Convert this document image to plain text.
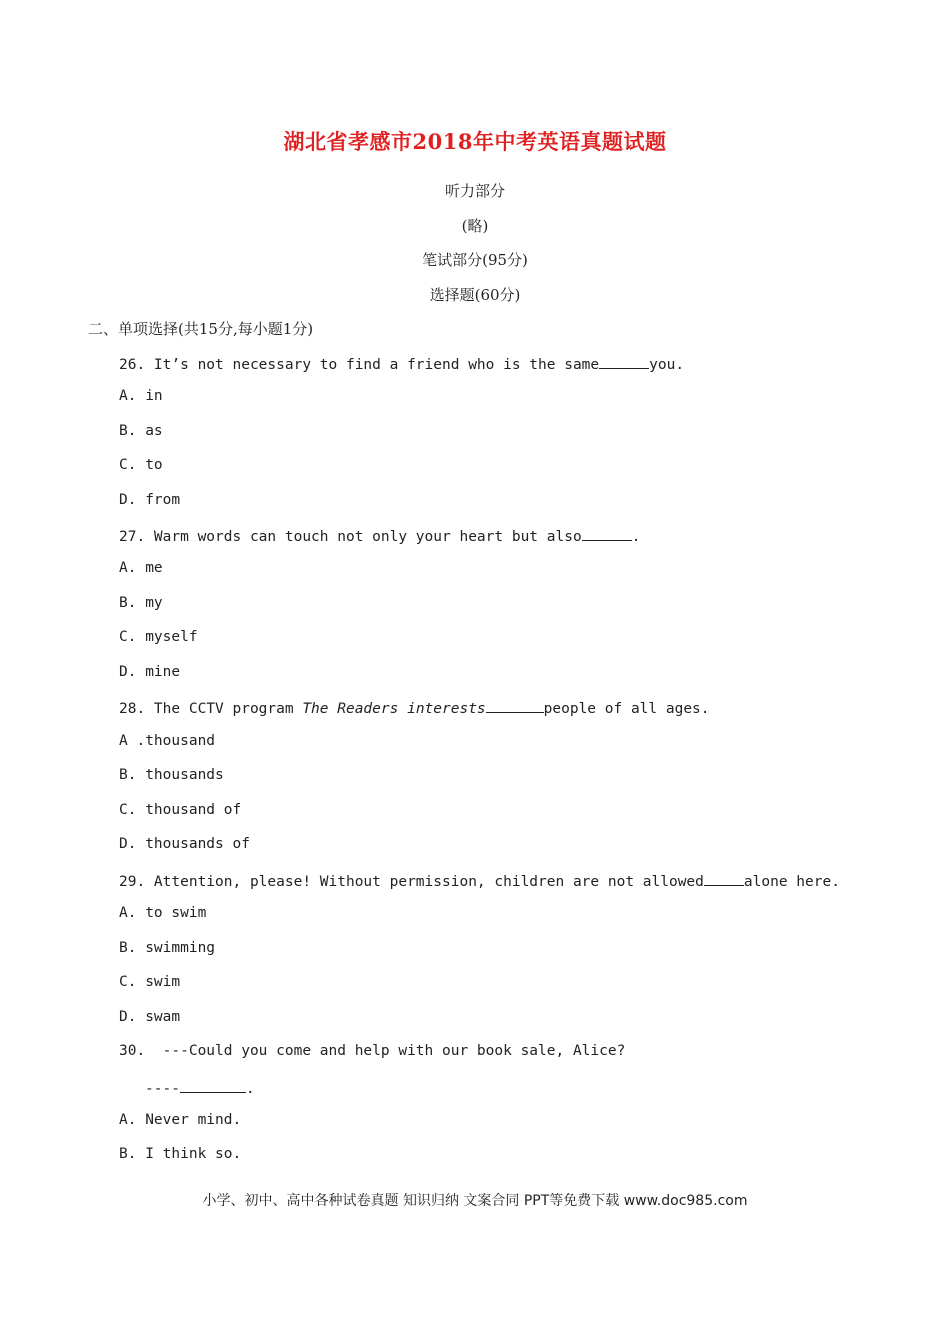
湖北省孝感市2018年中考英语真题试题
听力部分
(略)
笔试部分(95分)
选择题(60分)
二、单项选择(共15分,每小题1分)
26. It’s not necessary to find a friend who is the same	you.
A. in
B. as
C. to
D. from
27. Warm words can touch not only your heart but also	.
A. me
B. my
C. myself
D. mine
28. The CCTV program The Readers interests	people of all ages.
A .thousand
B. thousands
C. thousand of
D. thousands of
29. Attention, please! Without permission, children are not allowed	alone here.
A. to swim
B. swimming
C. swim
D. swam
30.  ---Could you come and help with our book sale, Alice?
----	.
A. Never mind.
B. I think so.
小学、初中、高中各种试卷真题 知识归纳 文案合同 PPT等免费下载 www.doc985.com
